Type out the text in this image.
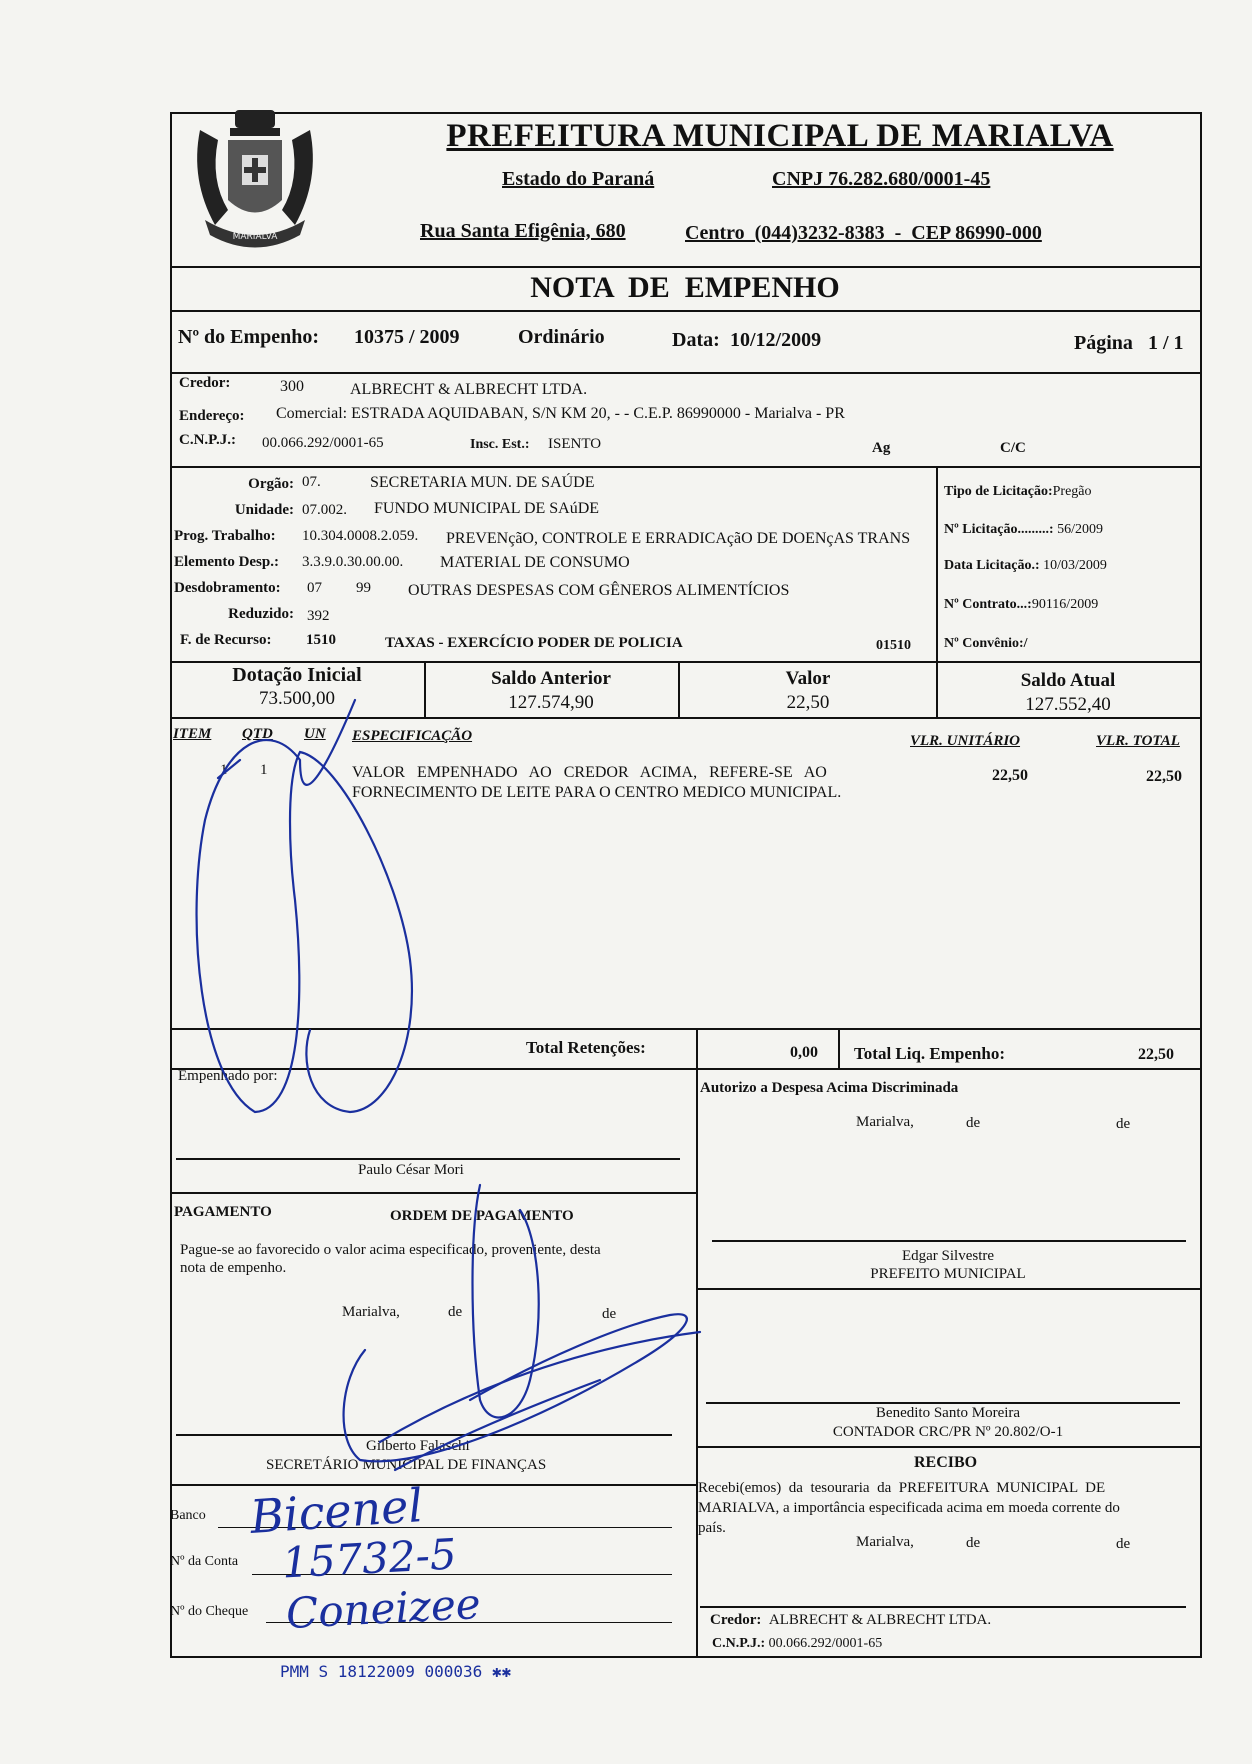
MARIALVA
PREFEITURA MUNICIPAL DE MARIALVA
Estado do Paraná	CNPJ 76.282.680/0001-45
Rua Santa Efigênia, 680	Centro  (044)3232-8383  -  CEP 86990-000
NOTA  DE  EMPENHO
Nº do Empenho: 10375 / 2009	Ordinário	Data: 10/12/2009	Página 1 / 1
Credor:	300	ALBRECHT & ALBRECHT LTDA.
Endereço: Comercial: ESTRADA AQUIDABAN, S/N KM 20, - - C.E.P. 86990000 - Marialva - PR
C.N.P.J.: 00.066.292/0001-65	Insc. Est.: ISENTO	Ag	C/C
Orgão: 07.	SECRETARIA MUN. DE SAÚDE
Unidade: 07.002. FUNDO MUNICIPAL DE SAúDE
Prog. Trabalho: 10.304.0008.2.059. PREVENçãO, CONTROLE E ERRADICAçãO DE DOENçAS TRANS
Elemento Desp.: 3.3.9.0.30.00.00. MATERIAL DE CONSUMO
Desdobramento: 07 99 OUTRAS DESPESAS COM GÊNEROS ALIMENTÍCIOS
Reduzido: 392
F. de Recurso: 1510	TAXAS - EXERCÍCIO PODER DE POLICIA	01510
Tipo de Licitação:Pregão
Nº Licitação.........: 56/2009
Data Licitação.: 10/03/2009
Nº Contrato...:90116/2009
Nº Convênio:/
Dotação Inicial
73.500,00
Saldo Anterior
127.574,90
Valor
22,50
Saldo Atual
127.552,40
ITEM QTD UN ESPECIFICAÇÃO	VLR. UNITÁRIO	VLR. TOTAL
1 1	VALOR   EMPENHADO   AO   CREDOR   ACIMA,   REFERE-SE   AO
FORNECIMENTO DE LEITE PARA O CENTRO MEDICO MUNICIPAL.
22,50	22,50
Total Retenções:	0,00 Total Liq. Empenho:	22,50
Empenhado por:
Paulo César Mori
Autorizo a Despesa Acima Discriminada
Marialva,	de	de
Edgar Silvestre
PREFEITO MUNICIPAL
Benedito Santo Moreira
CONTADOR CRC/PR Nº 20.802/O-1
PAGAMENTO	ORDEM DE PAGAMENTO
Pague-se ao favorecido o valor acima especificado, proveniente, desta
nota de empenho.
Marialva,	de	de
Gilberto Falaschi
SECRETÁRIO MUNICIPAL DE FINANÇAS
Banco
Nº da Conta
Nº do Cheque
RECIBO
Recebi(emos)  da  tesouraria  da  PREFEITURA  MUNICIPAL  DE
MARIALVA, a importância especificada acima em moeda corrente do
país.
Marialva,	de	de
Credor: ALBRECHT & ALBRECHT LTDA.
C.N.P.J.: 00.066.292/0001-65
PMM S 18122009 000036 ✱✱
Bicenel
15732-5
Coneizee
